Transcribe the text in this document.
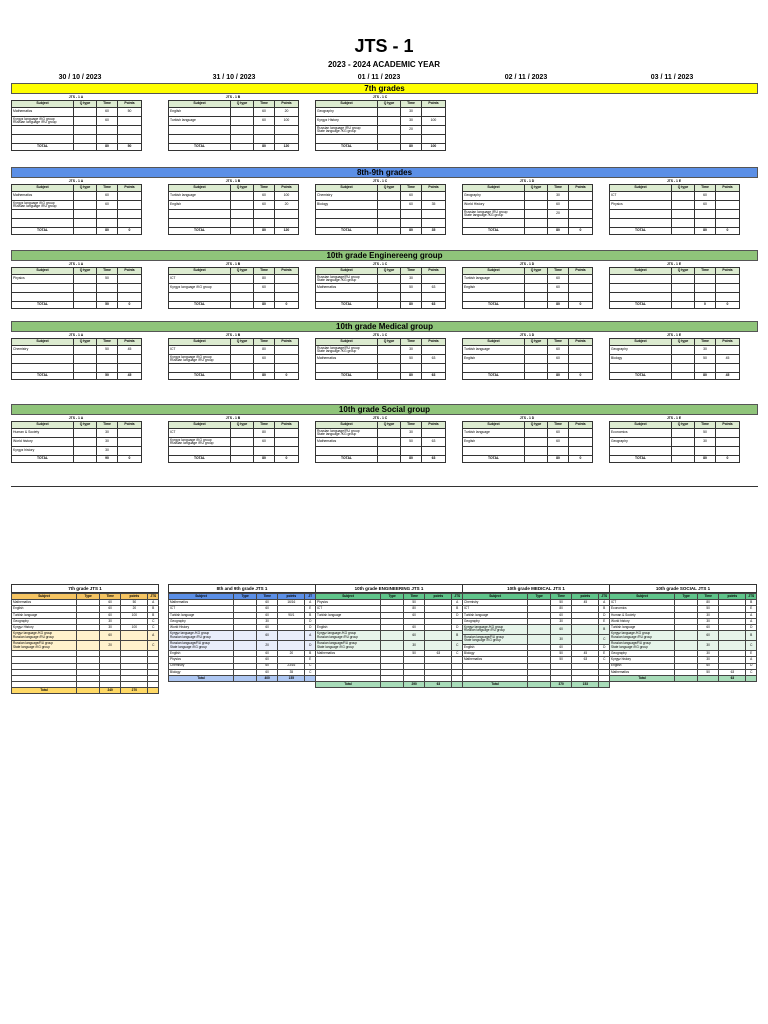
JTS - 1
2023 - 2024 ACADEMIC YEAR
30 / 10 / 2023	31 / 10 / 2023	01 / 11 / 2023	02 / 11 / 2023	03 / 11 / 2023
7th grades
JTS - 1 A
Subject	Q type	Time	Points
Mathematics		60	50
Kyrgyz language /KG group
Russian language /RU group		60	

TOTAL		80	50
JTS - 1 B
Subject	Q type	Time	Points
English		60	20
Turkish language		60	100

TOTAL		80	120
JTS - 1 C
Subject	Q type	Time	Points
Geography		30	
Kyrgyz History		30	100
Russian language /RU group
State language /KG group		20	

TOTAL		80	100
8th-9th grades
JTS - 1 A
Subject	Q type	Time	Points
Mathematics		60	
Kyrgyz language /KG group
Russian language /RU group		60	

TOTAL		80	0
JTS - 1 B
Subject	Q type	Time	Points
Turkish language		60	100
English		60	20

TOTAL		80	120
JTS - 1 C
Subject	Q type	Time	Points
Chemistry		60	
Biology		60	35

TOTAL		80	35
JTS - 1 D
Subject	Q type	Time	Points
Geography		30	
World History		60	
Russian language /RU group
State language /KG group		20	

TOTAL		80	0
JTS - 1 E
Subject	Q type	Time	Points
ICT		60	
Physics		60	

TOTAL		80	0
10th grade Enginereeng group
JTS - 1 A
Subject	Q type	Time	Points
Physics		50	

TOTAL		50	0
JTS - 1 B
Subject	Q type	Time	Points
ICT		80	
Kyrgyz language /KG group		60	

TOTAL		80	0
JTS - 1 C
Subject	Q type	Time	Points
Russian language/RU group
State language /KG group		30	
Mathematics		50	63

TOTAL		80	63
JTS - 1 D
Subject	Q type	Time	Points
Turkish language		60	
English		60	

TOTAL		80	0
JTS - 1 E
Subject	Q type	Time	Points

TOTAL		0	0
10th grade Medical group
JTS - 1 A
Subject	Q type	Time	Points
Chemistry		50	45

TOTAL		50	45
JTS - 1 B
Subject	Q type	Time	Points
ICT		80	
Kyrgyz language /KG group
Russian language /RU group		60	

TOTAL		80	0
JTS - 1 C
Subject	Q type	Time	Points
Russian language/RU group
State language /KG group		30	
Mathematics		50	63

TOTAL		80	63
JTS - 1 D
Subject	Q type	Time	Points
Turkish language		60	
English		60	

TOTAL		80	0
JTS - 1 E
Subject	Q type	Time	Points
Geography		30	
Biology		50	45

TOTAL		80	45
10th grade Social group
JTS - 1 A
Subject	Q type	Time	Points
Human & Society		30	
World history		30	
Kyrgyz history		30	
TOTAL		90	0
JTS - 1 B
Subject	Q type	Time	Points
ICT		80	
Kyrgyz language /KG group
Russian language /RU group		60	

TOTAL		80	0
JTS - 1 C
Subject	Q type	Time	Points
Russian language/RU group
State language /KG group		30	
Mathematics		50	63

TOTAL		80	63
JTS - 1 D
Subject	Q type	Time	Points
Turkish language		60	
English		60	

TOTAL		80	0
JTS - 1 E
Subject	Q type	Time	Points
Economics		50	
Geography		30	

TOTAL		80	0
7th grade JTS 1
Subject	Type	Time	points	JTS
Mathematics		60	50	A
English		60	20	B
Turkish language		60	100	B
Geography		30		C
Kyrgyz History		30	100	C
Kyrgyz language /KG group
Russian language /RU group		60		A
Russian language/RU group
State language /KG group		20		C

Total		240	270	
8th and 9th grade JTS 1
Subject	Type	Time	points	JT
Mathematics		60	16/16	A
ICT		60		E
Turkish language		60	90/1	B
Geography		30		D
World History		60		D
Kyrgyz language /KG group
Russian language /RU group		60		A
Russian language/RU group
State language /KG group		20		D
English		60	20	B
Physics		60		E
Chemistry		60	23/16	C
Biology		60	35	C
Total		400	155	
10th grade ENGINEERING JTS 1
Subject	Type	Time	points	JTS
Physics		50		A
ICT		80		B
Turkish language		60		D

English		60		D
Kyrgyz language /KG group
Russian language /RU group		60		B
Russian language/RU group
State language /KG group		30		C
Mathematics		50	63	C

Total		290	63	
10th grade MEDICAL JTS 1
Subject	Type	Time	points	JTS
Chemistry		50	45	A
ICT		80		B
Turkish language		60		D
Geography		30		E
Kyrgyz language /KG group
Russian language /RU group		60		B
Russian language/RU group
State language /KG group		30		C
English		60		D
Biology		50	45	E
Mathematics		50	63	C

Total		370	153	
10th grade SOCIAL JTS 1
Subject	Type	Time	points	JTS
ICT		80		B
Economics		50		E
Human & Society		30		A
World history		30		A
Turkish language		60		D
Kyrgyz language /KG group
Russian language /RU group		60		B
Russian language/RU group
State language /KG group		30		C
Geography		30		E
Kyrgyz history		30		A
English		60		D
Mathematics		50	63	C
Total			63	
